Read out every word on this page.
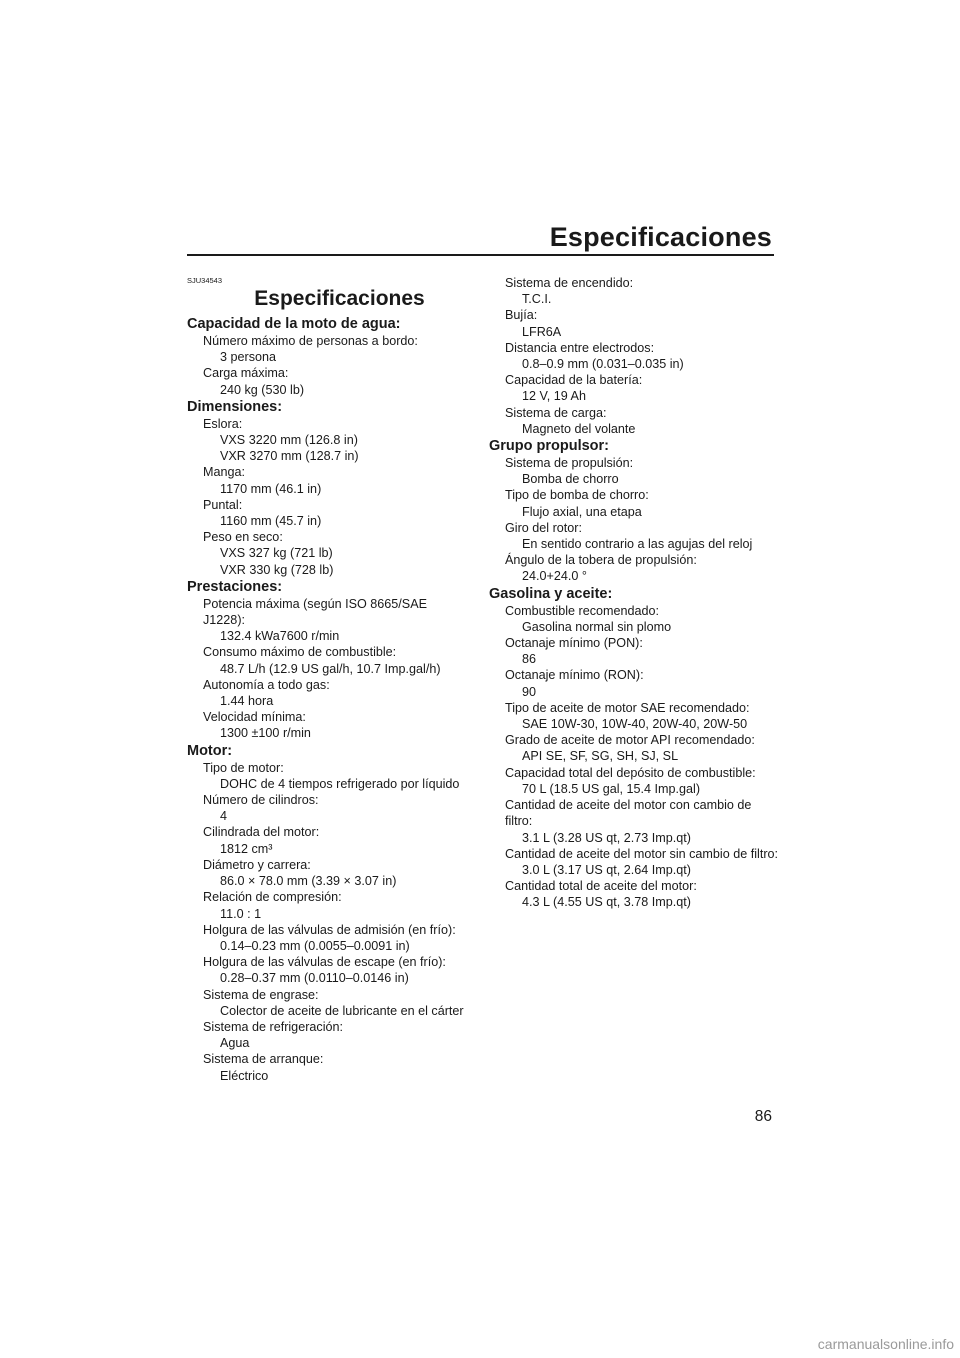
Especificaciones
SJU34543
Especificaciones
Capacidad de la moto de agua:
Número máximo de personas a bordo:
3 persona
Carga máxima:
240 kg (530 lb)
Dimensiones:
Eslora:
VXS 3220 mm (126.8 in)
VXR 3270 mm (128.7 in)
Manga:
1170 mm (46.1 in)
Puntal:
1160 mm (45.7 in)
Peso en seco:
VXS 327 kg (721 lb)
VXR 330 kg (728 lb)
Prestaciones:
Potencia máxima (según ISO 8665/SAE J1228):
132.4 kWa7600 r/min
Consumo máximo de combustible:
48.7 L/h (12.9 US gal/h, 10.7 Imp.gal/h)
Autonomía a todo gas:
1.44 hora
Velocidad mínima:
1300 ±100 r/min
Motor:
Tipo de motor:
DOHC de 4 tiempos refrigerado por líquido
Número de cilindros:
4
Cilindrada del motor:
1812 cm³
Diámetro y carrera:
86.0 × 78.0 mm (3.39 × 3.07 in)
Relación de compresión:
11.0 : 1
Holgura de las válvulas de admisión (en frío):
0.14–0.23 mm (0.0055–0.0091 in)
Holgura de las válvulas de escape (en frío):
0.28–0.37 mm (0.0110–0.0146 in)
Sistema de engrase:
Colector de aceite de lubricante en el cárter
Sistema de refrigeración:
Agua
Sistema de arranque:
Eléctrico
Sistema de encendido:
T.C.I.
Bujía:
LFR6A
Distancia entre electrodos:
0.8–0.9 mm (0.031–0.035 in)
Capacidad de la batería:
12 V, 19 Ah
Sistema de carga:
Magneto del volante
Grupo propulsor:
Sistema de propulsión:
Bomba de chorro
Tipo de bomba de chorro:
Flujo axial, una etapa
Giro del rotor:
En sentido contrario a las agujas del reloj
Ángulo de la tobera de propulsión:
24.0+24.0 °
Gasolina y aceite:
Combustible recomendado:
Gasolina normal sin plomo
Octanaje mínimo (PON):
86
Octanaje mínimo (RON):
90
Tipo de aceite de motor SAE recomendado:
SAE 10W-30, 10W-40, 20W-40, 20W-50
Grado de aceite de motor API recomendado:
API SE, SF, SG, SH, SJ, SL
Capacidad total del depósito de combustible:
70 L (18.5 US gal, 15.4 Imp.gal)
Cantidad de aceite del motor con cambio de filtro:
3.1 L (3.28 US qt, 2.73 Imp.qt)
Cantidad de aceite del motor sin cambio de filtro:
3.0 L (3.17 US qt, 2.64 Imp.qt)
Cantidad total de aceite del motor:
4.3 L (4.55 US qt, 3.78 Imp.qt)
86
carmanualsonline.info
